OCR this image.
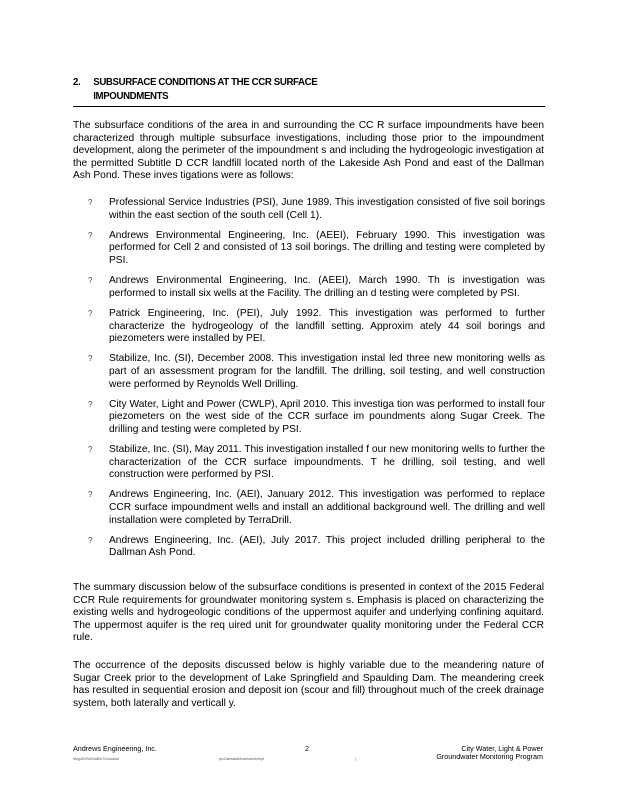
2. SUBSURFACE CONDITIONS AT THE CCR SURFACE
IMPOUNDMENTS

The subsurface conditions of the area in and surrounding the CC R surface impoundments have been characterized through multiple subsurface investigations, including those prior to the impoundment development, along the perimeter of the impoundment s and including the hydrogeologic investigation at the permitted Subtitle D CCR landfill located north of the Lakeside Ash Pond and east of the Dallman Ash Pond. These inves tigations were as follows:

?	Professional Service Industries (PSI), June 1989. This investigation consisted of five soil borings within the east section of the south cell (Cell 1).
?	Andrews Environmental Engineering, Inc. (AEEI), February 1990. This investigation was performed for Cell 2 and consisted of 13 soil borings. The drilling and testing were completed by PSI.
?	Andrews Environmental Engineering, Inc. (AEEI), March 1990. Th is investigation was performed to install six wells at the Facility. The drilling an d testing were completed by PSI.
?	Patrick Engineering, Inc. (PEI), July 1992. This investigation was performed to further characterize the hydrogeology of the landfill setting. Approxim ately 44 soil borings and piezometers were installed by PEI.
?	Stabilize, Inc. (SI), December 2008. This investigation instal led three new monitoring wells as part of an assessment program for the landfill. The drilling, soil testing, and well construction were performed by Reynolds Well Drilling.
?	City Water, Light and Power (CWLP), April 2010. This investiga tion was performed to install four piezometers on the west side of the CCR surface im poundments along Sugar Creek. The drilling and testing were completed by PSI.
?	Stabilize, Inc. (SI), May 2011. This investigation installed f our new monitoring wells to further the characterization of the CCR surface impoundments. T he drilling, soil testing, and well construction were performed by PSI.
?	Andrews Engineering, Inc. (AEI), January 2012. This investigation was performed to replace CCR surface impoundment wells and install an additional background well. The drilling and well installation were completed by TerraDrill.
?	Andrews Engineering, Inc. (AEI), July 2017. This project included drilling peripheral to the Dallman Ash Pond.

The summary discussion below of the subsurface conditions is presented in context of the 2015 Federal CCR Rule requirements for groundwater monitoring system s. Emphasis is placed on characterizing the existing wells and hydrogeologic conditions of the uppermost aquifer and underlying confining aquitard. The uppermost aquifer is the req uired unit for groundwater quality monitoring under the Federal CCR rule.

The occurrence of the deposits discussed below is highly variable due to the meandering nature of Sugar Creek prior to the development of Lake Springfield and Spaulding Dam. The meandering creek has resulted in sequential erosion and deposit ion (scour and fill) throughout much of the creek drainage system, both laterally and verticall y.

Andrews Engineering, Inc.	2	City Water, Light & Power
Groundwater Monitoring Program
Mxyjd0VSA/NwB2/7Gxcvaidd	rpvGaexaddMxobbuvxrkr/hpt	|
